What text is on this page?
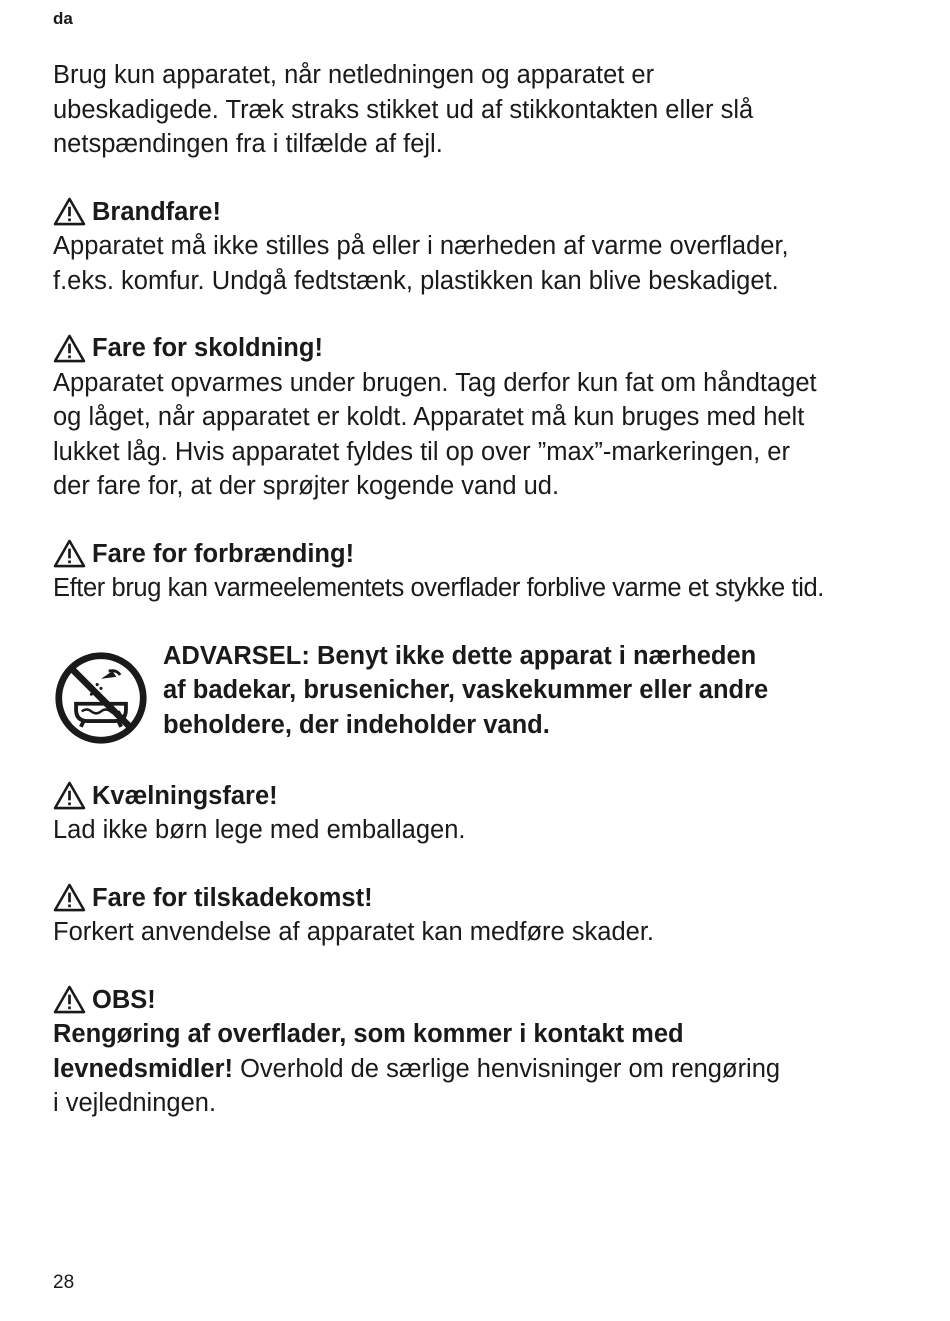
da
Brug kun apparatet, når netledningen og apparatet er
ubeskadigede. Træk straks stikket ud af stikkontakten eller slå
netspændingen fra i tilfælde af fejl.
Brandfare!
Apparatet må ikke stilles på eller i nærheden af varme overflader,
f.eks. komfur. Undgå fedtstænk, plastikken kan blive beskadiget.
Fare for skoldning!
Apparatet opvarmes under brugen. Tag derfor kun fat om håndtaget
og låget, når apparatet er koldt. Apparatet må kun bruges med helt
lukket låg. Hvis apparatet fyldes til op over ”max”-markeringen, er
der fare for, at der sprøjter kogende vand ud.
Fare for forbrænding!
Efter brug kan varmeelementets overflader forblive varme et stykke tid.
ADVARSEL: Benyt ikke dette apparat i nærheden
af badekar, brusenicher, vaskekummer eller andre
beholdere, der indeholder vand.
Kvælningsfare!
Lad ikke børn lege med emballagen.
Fare for tilskadekomst!
Forkert anvendelse af apparatet kan medføre skader.
OBS!
Rengøring af overflader, som kommer i kontakt med
levnedsmidler! Overhold de særlige henvisninger om rengøring
i vejledningen.
28
